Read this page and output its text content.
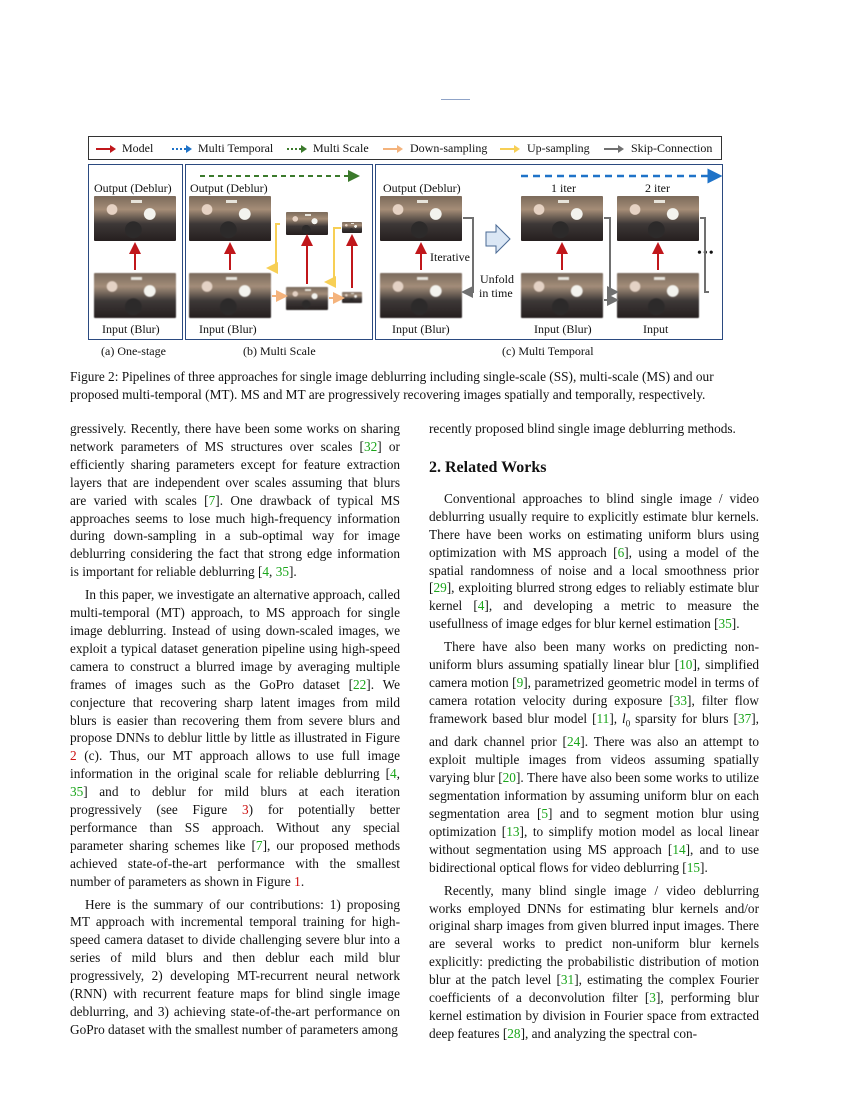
Model	Multi Temporal	Multi Scale	Down-sampling	Up-sampling	Skip-Connection
Output (Deblur)
Input (Blur)
Output (Deblur)
Input (Blur)
Output (Deblur)
Iterative
Unfold
in time
Input (Blur)
1 iter	2 iter
•••
Input (Blur)	Input
(a) One-stage	(b) Multi Scale	(c) Multi Temporal
Figure 2: Pipelines of three approaches for single image deblurring including single-scale (SS), multi-scale (MS) and our proposed multi-temporal (MT). MS and MT are progressively recovering images spatially and temporally, respectively.

gressively. Recently, there have been some works on sharing network parameters of MS structures over scales [32] or efficiently sharing parameters except for feature extraction layers that are independent over scales assuming that blurs are varied with scales [7]. One drawback of typical MS approaches seems to lose much high-frequency information during down-sampling in a sub-optimal way for image deblurring considering the fact that strong edge information is important for reliable deblurring [4, 35].

In this paper, we investigate an alternative approach, called multi-temporal (MT) approach, to MS approach for single image deblurring. Instead of using down-scaled images, we exploit a typical dataset generation pipeline using high-speed camera to construct a blurred image by averaging multiple frames of images such as the GoPro dataset [22]. We conjecture that recovering sharp latent images from mild blurs is easier than recovering them from severe blurs and propose DNNs to deblur little by little as illustrated in Figure 2 (c). Thus, our MT approach allows to use full image information in the original scale for reliable deblurring [4, 35] and to deblur for mild blurs at each iteration progressively (see Figure 3) for potentially better performance than SS approach. Without any special parameter sharing schemes like [7], our proposed methods achieved state-of-the-art performance with the smallest number of parameters as shown in Figure 1.

Here is the summary of our contributions: 1) proposing MT approach with incremental temporal training for high-speed camera dataset to divide challenging severe blur into a series of mild blurs and then deblur each mild blur progressively, 2) developing MT-recurrent neural network (RNN) with recurrent feature maps for blind single image deblurring, and 3) achieving state-of-the-art performance on GoPro dataset with the smallest number of parameters among

recently proposed blind single image deblurring methods.

2. Related Works

Conventional approaches to blind single image / video deblurring usually require to explicitly estimate blur kernels. There have been works on estimating uniform blurs using optimization with MS approach [6], using a model of the spatial randomness of noise and a local smoothness prior [29], exploiting blurred strong edges to reliably estimate blur kernel [4], and developing a metric to measure the usefullness of image edges for blur kernel estimation [35].

There have also been many works on predicting non-uniform blurs assuming spatially linear blur [10], simplified camera motion [9], parametrized geometric model in terms of camera rotation velocity during exposure [33], filter flow framework based blur model [11], $l_0$ sparsity for blurs [37], and dark channel prior [24]. There was also an attempt to exploit multiple images from videos assuming spatially varying blur [20]. There have also been some works to utilize segmentation information by assuming uniform blur on each segmentation area [5] and to segment motion blur using optimization [13], to simplify motion model as local linear without segmentation using MS approach [14], and to use bidirectional optical flows for video deblurring [15].

Recently, many blind single image / video deblurring works employed DNNs for estimating blur kernels and/or original sharp images from given blurred input images. There are several works to predict non-uniform blur kernels explicitly: predicting the probabilistic distribution of motion blur at the patch level [31], estimating the complex Fourier coefficients of a deconvolution filter [3], performing blur kernel estimation by division in Fourier space from extracted deep features [28], and analyzing the spectral con-
